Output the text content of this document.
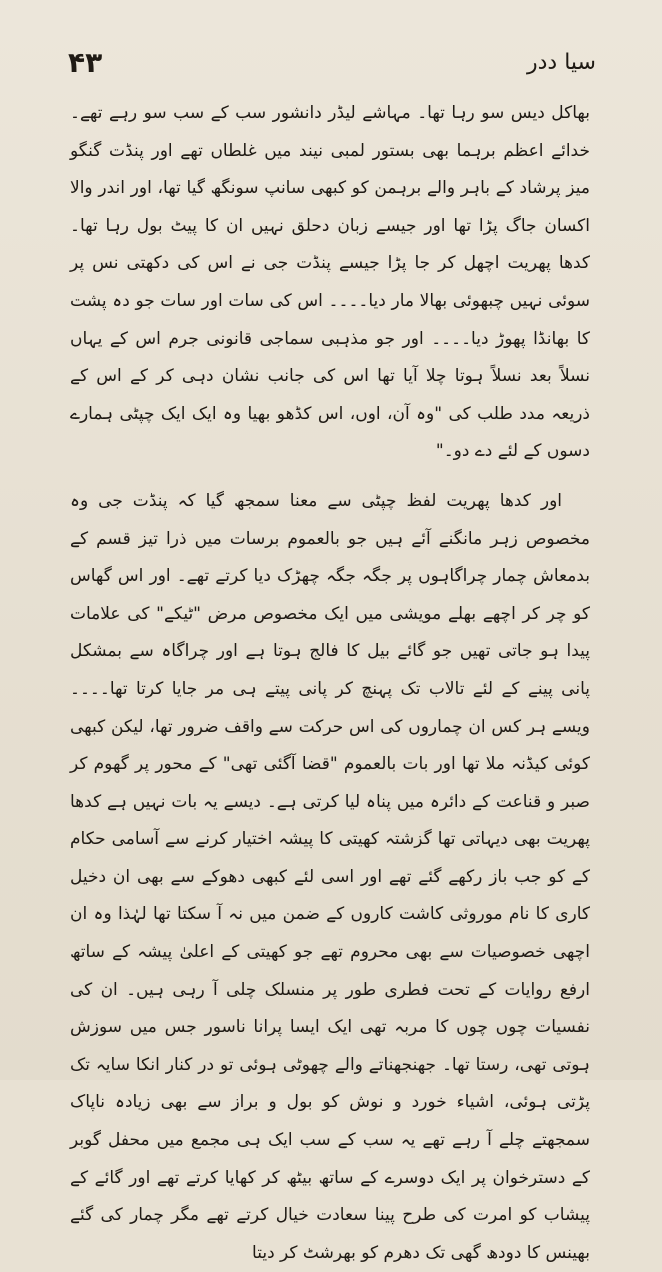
۴۳	سیا ددر

بھاکل دیس سو رہا تھا۔ مہاشے لیڈر دانشور سب کے سب سو رہے تھے۔ خدائے اعظم برہما بھی بستور لمبی نیند میں غلطاں تھے اور پنڈت گنگو میز پرشاد کے باہر والے برہمن کو کبھی سانپ سونگھ گیا تھا، اور اندر والا اکسان جاگ پڑا تھا اور جیسے زبان دحلق نہیں ان کا پیٹ بول رہا تھا۔ کدھا پھریت اچھل کر جا پڑا جیسے پنڈت جی نے اس کی دکھتی نس پر سوئی نہیں چبھوئی بھالا مار دیا۔۔۔۔ اس کی سات اور سات جو دہ پشت کا بھانڈا پھوڑ دیا۔۔۔۔ اور جو مذہبی سماجی قانونی جرم اس کے یہاں نسلاً بعد نسلاً ہوتا چلا آیا تھا اس کی جانب نشان دہی کر کے اس کے ذریعہ مدد طلب کی "وہ آن، اوں، اس کڈھو بھیا وہ ایک ایک چپٹی ہمارے دسوں کے لئے دے دو۔"

اور کدھا پھریت لفظ چپٹی سے معنا سمجھ گیا کہ پنڈت جی وہ مخصوص زہر مانگنے آئے ہیں جو بالعموم برسات میں ذرا تیز قسم کے بدمعاش چمار چراگاہوں پر جگہ جگہ چھڑک دیا کرتے تھے۔ اور اس گھاس کو چر کر اچھے بھلے مویشی میں ایک مخصوص مرض "ٹیکے" کی علامات پیدا ہو جاتی تھیں جو گائے بیل کا فالج ہوتا ہے اور چراگاہ سے بمشکل پانی پینے کے لئے تالاب تک پہنچ کر پانی پیتے ہی مر جایا کرتا تھا۔۔۔۔ ویسے ہر کس ان چماروں کی اس حرکت سے واقف ضرور تھا، لیکن کبھی کوئی کیڈنہ ملا تھا اور بات بالعموم "قضا آگئی تھی" کے محور پر گھوم کر صبر و قناعت کے دائرہ میں پناہ لیا کرتی ہے۔ دیسے یہ بات نہیں ہے کدھا پھریت بھی دیہاتی تھا گزشتہ کھیتی کا پیشہ اختیار کرنے سے آسامی حکام کے کو جب باز رکھے گئے تھے اور اسی لئے کبھی دھوکے سے بھی ان دخیل کاری کا نام موروثی کاشت کاروں کے ضمن میں نہ آ سکتا تھا لہٰذا وہ ان اچھی خصوصیات سے بھی محروم تھے جو کھیتی کے اعلیٰ پیشہ کے ساتھ ارفع روایات کے تحت فطری طور پر منسلک چلی آ رہی ہیں۔ ان کی نفسیات چوں چوں کا مربہ تھی ایک ایسا پرانا ناسور جس میں سوزش ہوتی تھی، رستا تھا۔ جھنجھناتے والے چھوٹی ہوئی تو در کنار انکا سایہ تک پڑتی ہوئی، اشیاء خورد و نوش کو بول و براز سے بھی زیادہ ناپاک سمجھتے چلے آ رہے تھے یہ سب کے سب ایک ہی مجمع میں محفل گوبر کے دسترخوان پر ایک دوسرے کے ساتھ بیٹھ کر کھایا کرتے تھے اور گائے کے پیشاب کو امرت کی طرح پینا سعادت خیال کرتے تھے مگر چمار کی گئے بھینس کا دودھ گھی تک دھرم کو بھرشٹ کر دیتا
